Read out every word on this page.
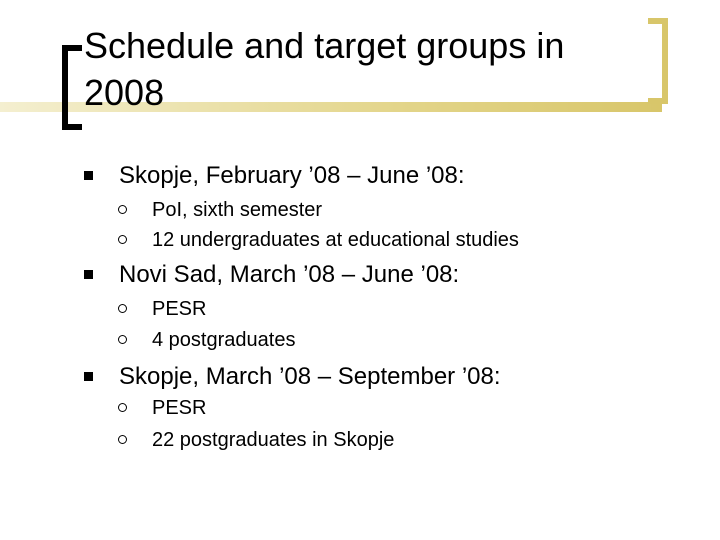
Schedule and target groups in 2008
Skopje, February ’08 – June ’08:
PoI, sixth semester
12 undergraduates at educational studies
Novi Sad, March ’08 – June ’08:
PESR
4 postgraduates
Skopje, March ’08 – September ’08:
PESR
22 postgraduates in Skopje
